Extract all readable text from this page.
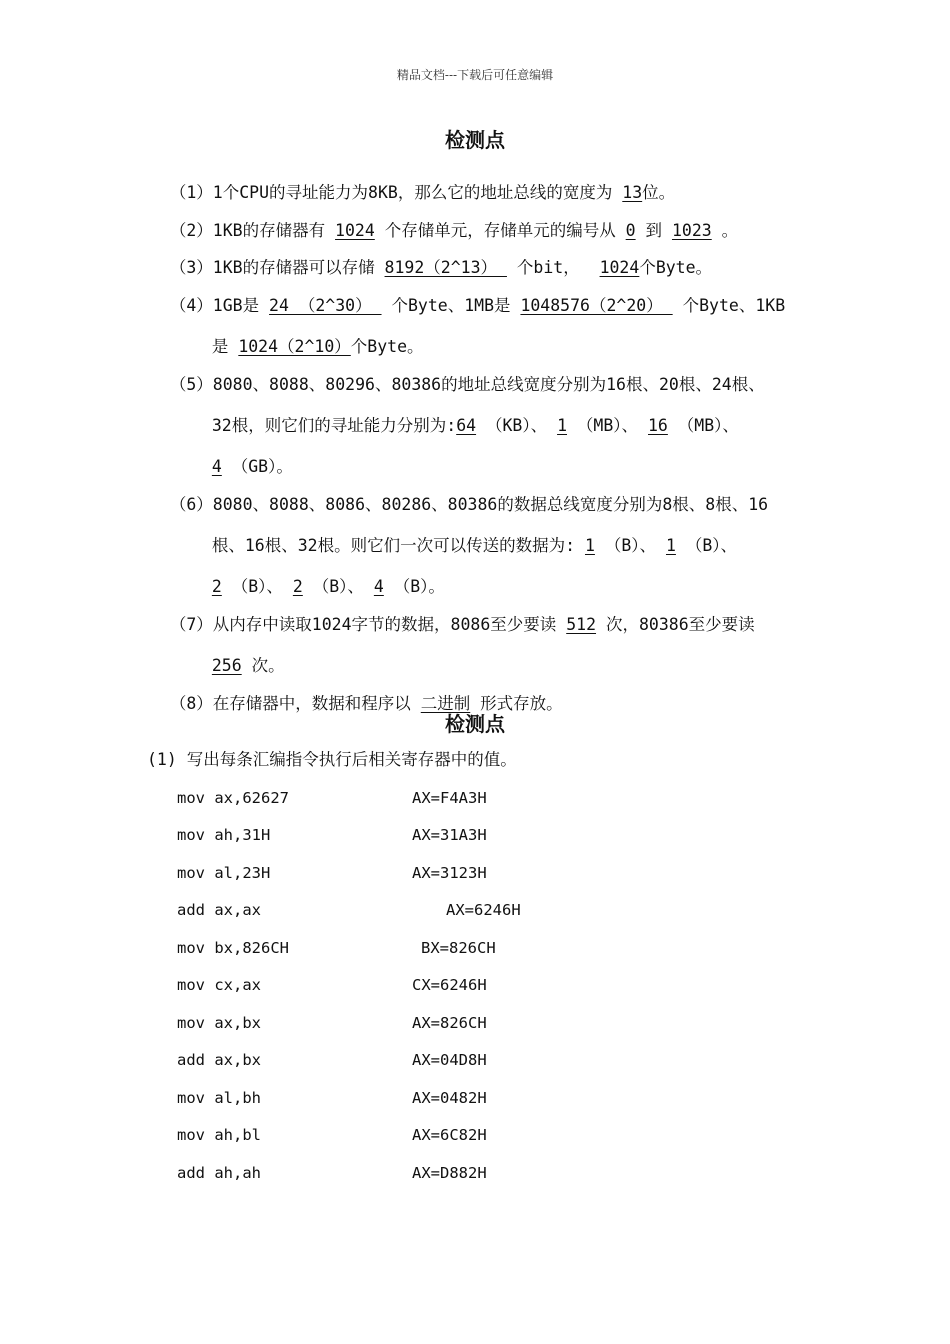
精品文档---下载后可任意编辑
检测点

（1）1个CPU的寻址能力为8KB，那么它的地址总线的宽度为 13位。

（2）1KB的存储器有 1024 个存储单元，存储单元的编号从 0 到 1023 。

（3）1KB的存储器可以存储 8192（2^13）  个bit，  1024个Byte。

（4）1GB是 24 （2^30）  个Byte、1MB是 1048576（2^20）  个Byte、1KB

是 1024（2^10）个Byte。

（5）8080、8088、80296、80386的地址总线宽度分别为16根、20根、24根、

32根，则它们的寻址能力分别为:64 （KB）、 1 （MB）、 16 （MB）、

4 （GB）。

（6）8080、8088、8086、80286、80386的数据总线宽度分别为8根、8根、16

根、16根、32根。则它们一次可以传送的数据为: 1 （B）、 1 （B）、

2 （B）、 2 （B）、 4 （B）。

（7）从内存中读取1024字节的数据，8086至少要读 512 次，80386至少要读

256 次。

（8）在存储器中，数据和程序以 二进制 形式存放。

检测点
(1) 写出每条汇编指令执行后相关寄存器中的值。
mov ax,62627	AX=F4A3H
mov ah,31H	AX=31A3H
mov al,23H	AX=3123H
add ax,ax	AX=6246H
mov bx,826CH	BX=826CH
mov cx,ax	CX=6246H
mov ax,bx	AX=826CH
add ax,bx	AX=04D8H
mov al,bh	AX=0482H
mov ah,bl	AX=6C82H
add ah,ah	AX=D882H
